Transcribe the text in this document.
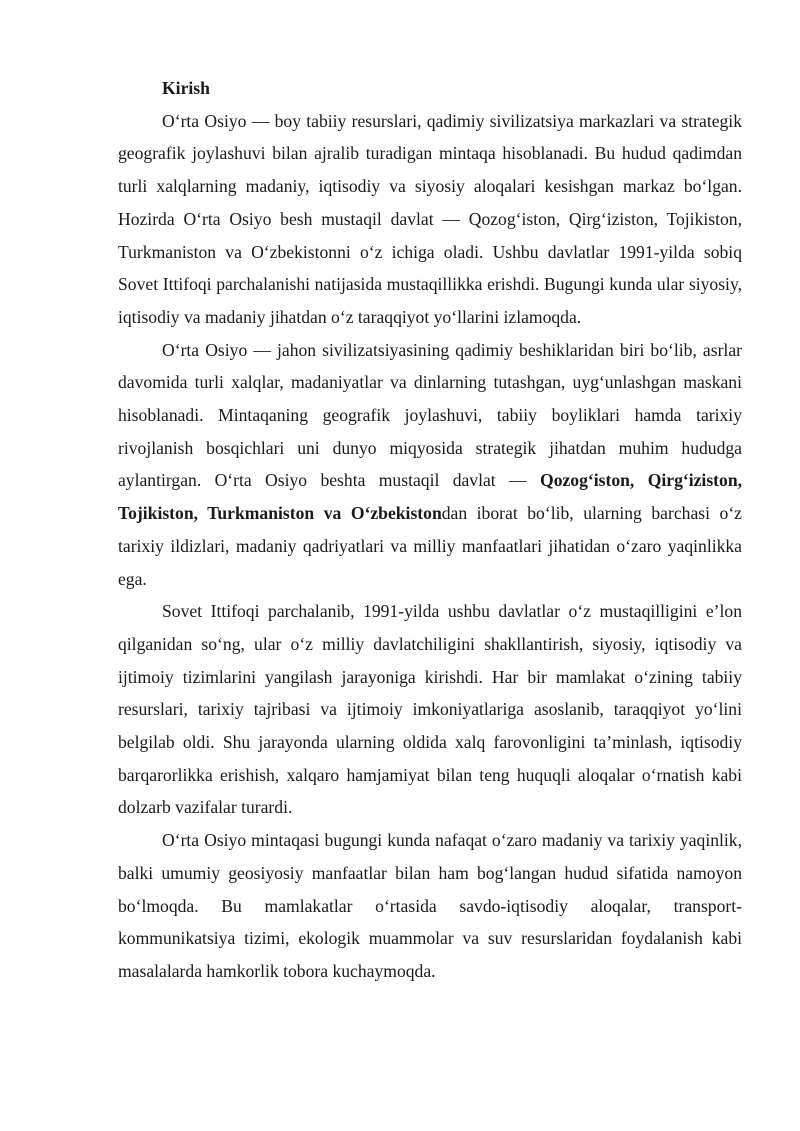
Kirish

O‘rta Osiyo — boy tabiiy resurslari, qadimiy sivilizatsiya markazlari va strategik geografik joylashuvi bilan ajralib turadigan mintaqa hisoblanadi. Bu hudud qadimdan turli xalqlarning madaniy, iqtisodiy va siyosiy aloqalari kesishgan markaz bo‘lgan. Hozirda O‘rta Osiyo besh mustaqil davlat — Qozog‘iston, Qirg‘iziston, Tojikiston, Turkmaniston va O‘zbekistonni o‘z ichiga oladi. Ushbu davlatlar 1991-yilda sobiq Sovet Ittifoqi parchalanishi natijasida mustaqillikka erishdi. Bugungi kunda ular siyosiy, iqtisodiy va madaniy jihatdan o‘z taraqqiyot yo‘llarini izlamoqda.

O‘rta Osiyo — jahon sivilizatsiyasining qadimiy beshiklaridan biri bo‘lib, asrlar davomida turli xalqlar, madaniyatlar va dinlarning tutashgan, uyg‘unlashgan maskani hisoblanadi. Mintaqaning geografik joylashuvi, tabiiy boyliklari hamda tarixiy rivojlanish bosqichlari uni dunyo miqyosida strategik jihatdan muhim hududga aylantirgan. O‘rta Osiyo beshta mustaqil davlat — Qozog‘iston, Qirg‘iziston, Tojikiston, Turkmaniston va O‘zbekistondan iborat bo‘lib, ularning barchasi o‘z tarixiy ildizlari, madaniy qadriyatlari va milliy manfaatlari jihatidan o‘zaro yaqinlikka ega.

Sovet Ittifoqi parchalanib, 1991-yilda ushbu davlatlar o‘z mustaqilligini e’lon qilganidan so‘ng, ular o‘z milliy davlatchiligini shakllantirish, siyosiy, iqtisodiy va ijtimoiy tizimlarini yangilash jarayoniga kirishdi. Har bir mamlakat o‘zining tabiiy resurslari, tarixiy tajribasi va ijtimoiy imkoniyatlariga asoslanib, taraqqiyot yo‘lini belgilab oldi. Shu jarayonda ularning oldida xalq farovonligini ta’minlash, iqtisodiy barqarorlikka erishish, xalqaro hamjamiyat bilan teng huquqli aloqalar o‘rnatish kabi dolzarb vazifalar turardi.

O‘rta Osiyo mintaqasi bugungi kunda nafaqat o‘zaro madaniy va tarixiy yaqinlik, balki umumiy geosiyosiy manfaatlar bilan ham bog‘langan hudud sifatida namoyon bo‘lmoqda. Bu mamlakatlar o‘rtasida savdo-iqtisodiy aloqalar, transport-kommunikatsiya tizimi, ekologik muammolar va suv resurslaridan foydalanish kabi masalalarda hamkorlik tobora kuchaymoqda.
